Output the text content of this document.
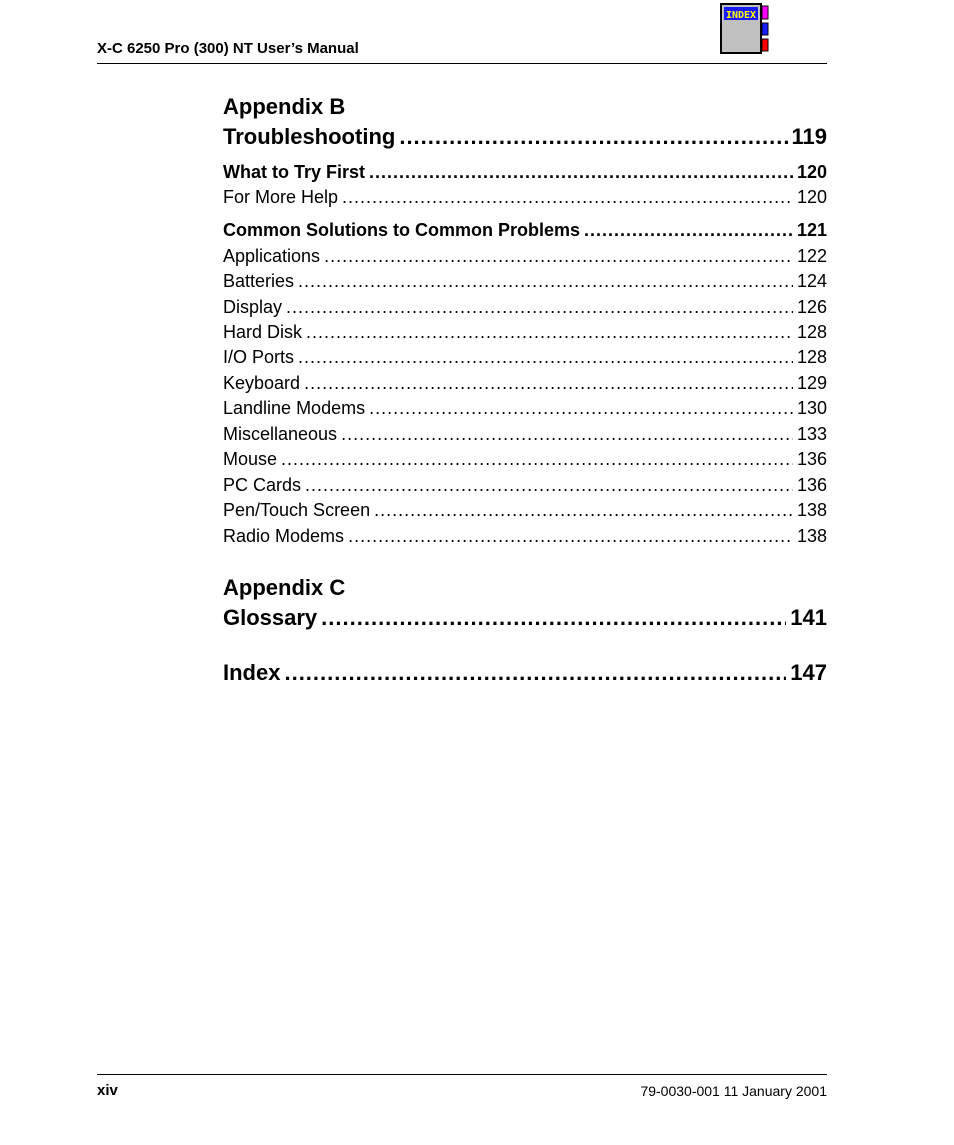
X-C 6250 Pro (300) NT User’s Manual
INDEX
Appendix B
Troubleshooting .....	119
What to Try First .....	120
For More Help .....	120
Common Solutions to Common Problems .....	121
Applications .....	122
Batteries .....	124
Display .....	126
Hard Disk .....	128
I/O Ports .....	128
Keyboard .....	129
Landline Modems .....	130
Miscellaneous .....	133
Mouse .....	136
PC Cards .....	136
Pen/Touch Screen .....	138
Radio Modems .....	138
Appendix C
Glossary .....	141
Index .....	147
xiv	79-0030-001 11 January 2001
